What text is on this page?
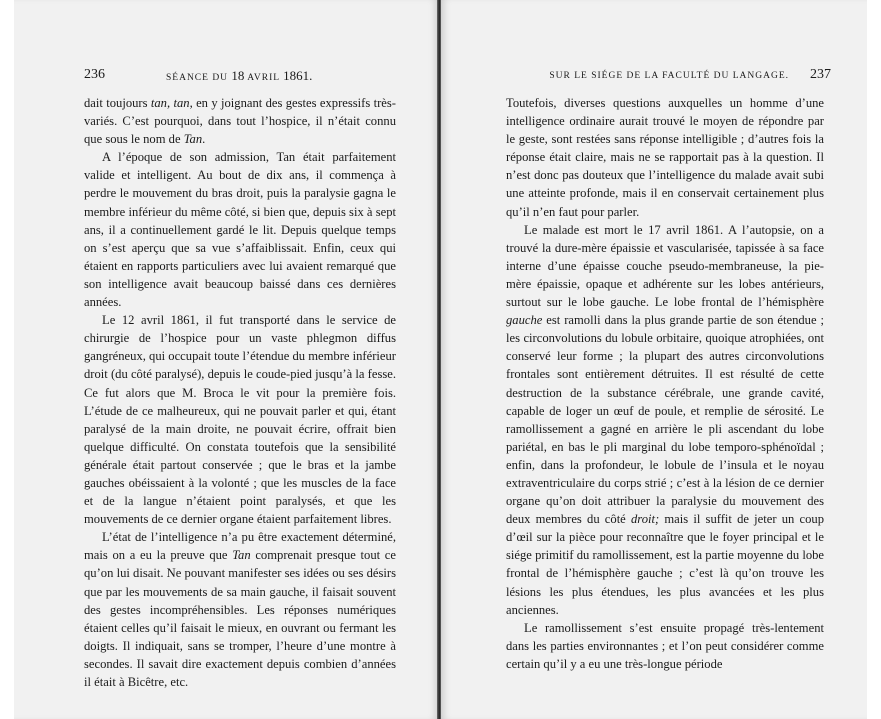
236	SÉANCE DU 18 AVRIL 1861.

dait toujours tan, tan, en y joignant des gestes expressifs très-variés. C’est pourquoi, dans tout l’hospice, il n’était connu que sous le nom de Tan.

A l’époque de son admission, Tan était parfaitement valide et intelligent. Au bout de dix ans, il commença à perdre le mouvement du bras droit, puis la paralysie gagna le membre inférieur du même côté, si bien que, depuis six à sept ans, il a continuellement gardé le lit. Depuis quelque temps on s’est aperçu que sa vue s’affaiblissait. Enfin, ceux qui étaient en rapports particuliers avec lui avaient remarqué que son intelligence avait beaucoup baissé dans ces dernières années.

Le 12 avril 1861, il fut transporté dans le service de chirurgie de l’hospice pour un vaste phlegmon diffus gangréneux, qui occupait toute l’étendue du membre inférieur droit (du côté paralysé), depuis le coude-pied jusqu’à la fesse. Ce fut alors que M. Broca le vit pour la première fois. L’étude de ce malheureux, qui ne pouvait parler et qui, étant paralysé de la main droite, ne pouvait écrire, offrait bien quelque difficulté. On constata toutefois que la sensibilité générale était partout conservée ; que le bras et la jambe gauches obéissaient à la volonté ; que les muscles de la face et de la langue n’étaient point paralysés, et que les mouvements de ce dernier organe étaient parfaitement libres.

L’état de l’intelligence n’a pu être exactement déterminé, mais on a eu la preuve que Tan comprenait presque tout ce qu’on lui disait. Ne pouvant manifester ses idées ou ses désirs que par les mouvements de sa main gauche, il faisait souvent des gestes incompréhensibles. Les réponses numériques étaient celles qu’il faisait le mieux, en ouvrant ou fermant les doigts. Il indiquait, sans se tromper, l’heure d’une montre à secondes. Il savait dire exactement depuis combien d’années il était à Bicêtre, etc.

SUR LE SIÉGE DE LA FACULTÉ DU LANGAGE. 237

Toutefois, diverses questions auxquelles un homme d’une intelligence ordinaire aurait trouvé le moyen de répondre par le geste, sont restées sans réponse intelligible ; d’autres fois la réponse était claire, mais ne se rapportait pas à la question. Il n’est donc pas douteux que l’intelligence du malade avait subi une atteinte profonde, mais il en conservait certainement plus qu’il n’en faut pour parler.

Le malade est mort le 17 avril 1861. A l’autopsie, on a trouvé la dure-mère épaissie et vascularisée, tapissée à sa face interne d’une épaisse couche pseudo-membraneuse, la pie-mère épaissie, opaque et adhérente sur les lobes antérieurs, surtout sur le lobe gauche. Le lobe frontal de l’hémisphère gauche est ramolli dans la plus grande partie de son étendue ; les circonvolutions du lobule orbitaire, quoique atrophiées, ont conservé leur forme ; la plupart des autres circonvolutions frontales sont entièrement détruites. Il est résulté de cette destruction de la substance cérébrale, une grande cavité, capable de loger un œuf de poule, et remplie de sérosité. Le ramollissement a gagné en arrière le pli ascendant du lobe pariétal, en bas le pli marginal du lobe temporo-sphénoïdal ; enfin, dans la profondeur, le lobule de l’insula et le noyau extraventriculaire du corps strié ; c’est à la lésion de ce dernier organe qu’on doit attribuer la paralysie du mouvement des deux membres du côté droit; mais il suffit de jeter un coup d’œil sur la pièce pour reconnaître que le foyer principal et le siége primitif du ramollissement, est la partie moyenne du lobe frontal de l’hémisphère gauche ; c’est là qu’on trouve les lésions les plus étendues, les plus avancées et les plus anciennes.

Le ramollissement s’est ensuite propagé très-lentement dans les parties environnantes ; et l’on peut considérer comme certain qu’il y a eu une très-longue période
